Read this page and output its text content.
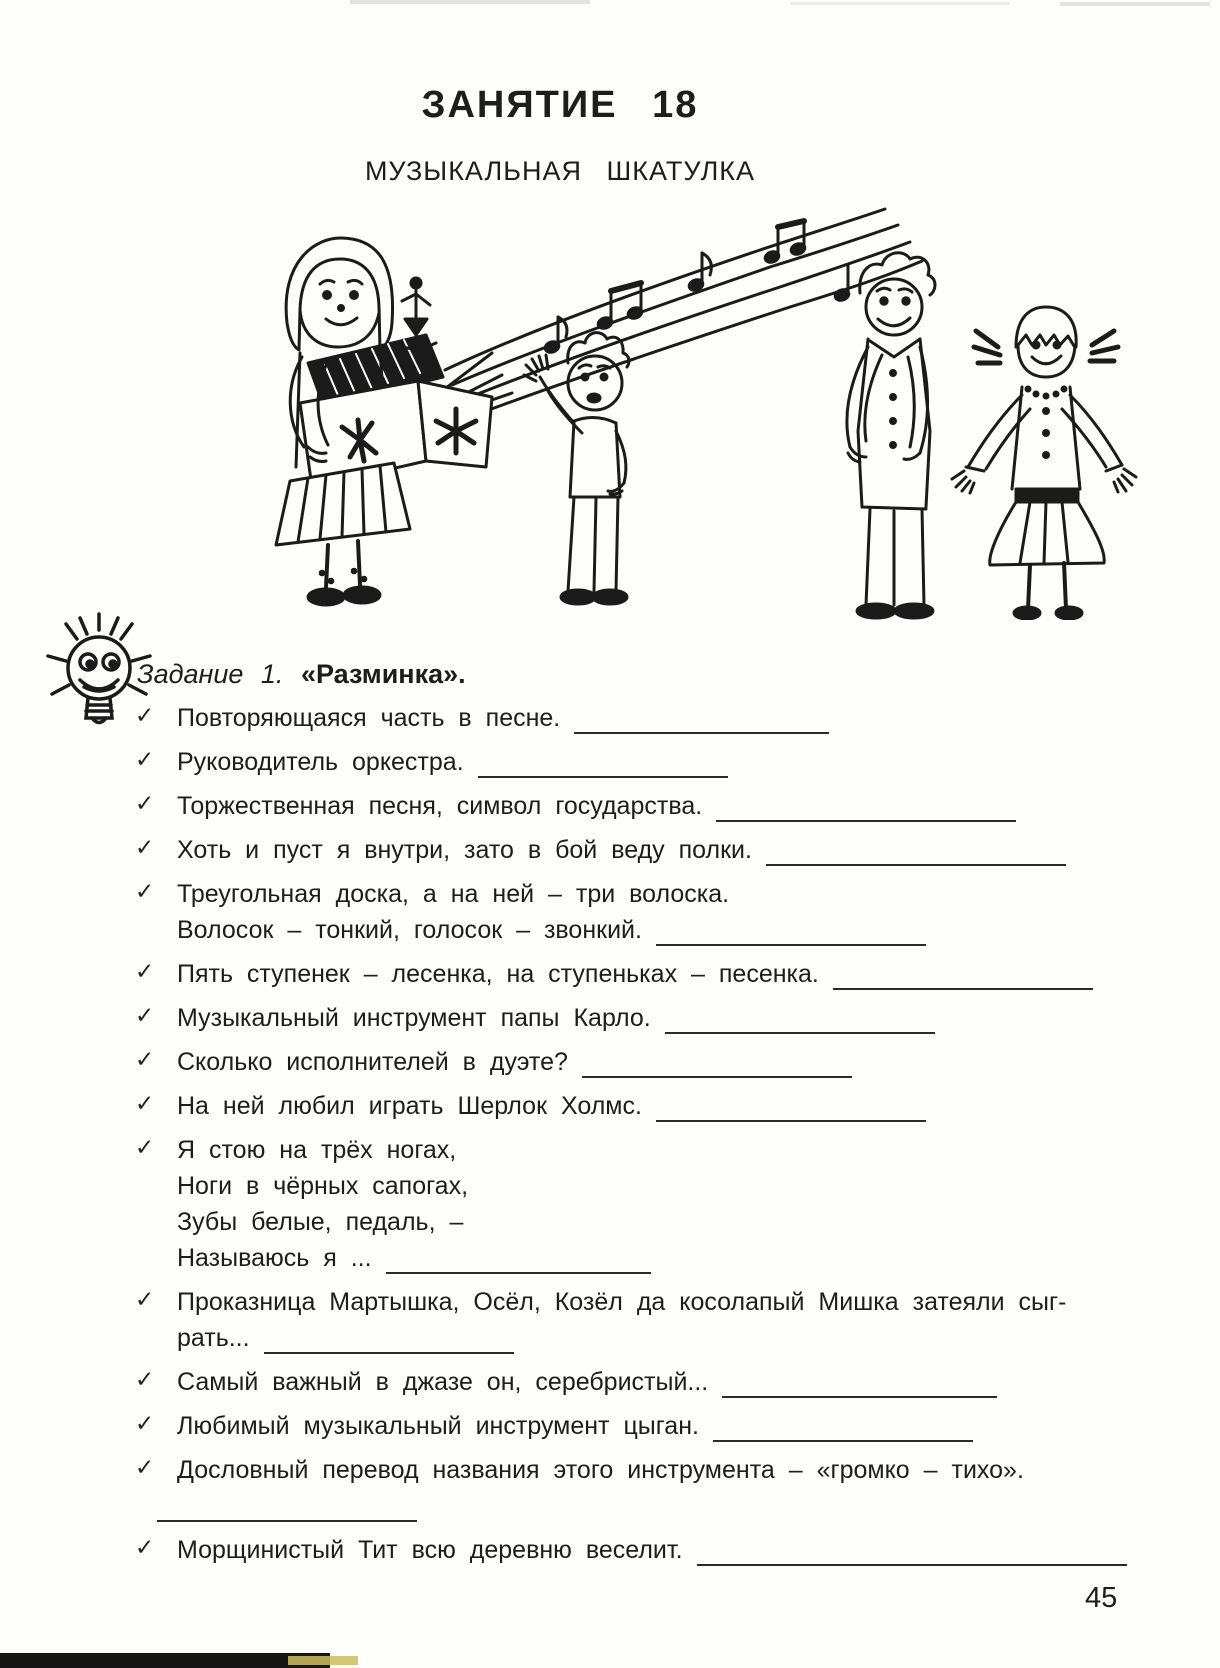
ЗАНЯТИЕ 18
МУЗЫКАЛЬНАЯ ШКАТУЛКА
Задание 1. «Разминка».
✓ Повторяющаяся часть в песне.
✓ Руководитель оркестра.
✓ Торжественная песня, символ государства.
✓ Хоть и пуст я внутри, зато в бой веду полки.
✓ Треугольная доска, а на ней – три волоска.
Волосок – тонкий, голосок – звонкий.
✓ Пять ступенек – лесенка, на ступеньках – песенка.
✓ Музыкальный инструмент папы Карло.
✓ Сколько исполнителей в дуэте?
✓ На ней любил играть Шерлок Холмс.
✓ Я стою на трёх ногах,
Ноги в чёрных сапогах,
Зубы белые, педаль, –
Называюсь я ...
✓ Проказница Мартышка, Осёл, Козёл да косолапый Мишка затеяли сыг-
рать...
✓ Самый важный в джазе он, серебристый...
✓ Любимый музыкальный инструмент цыган.
✓ Дословный перевод названия этого инструмента – «громко – тихо».
✓ Морщинистый Тит всю деревню веселит.
45
